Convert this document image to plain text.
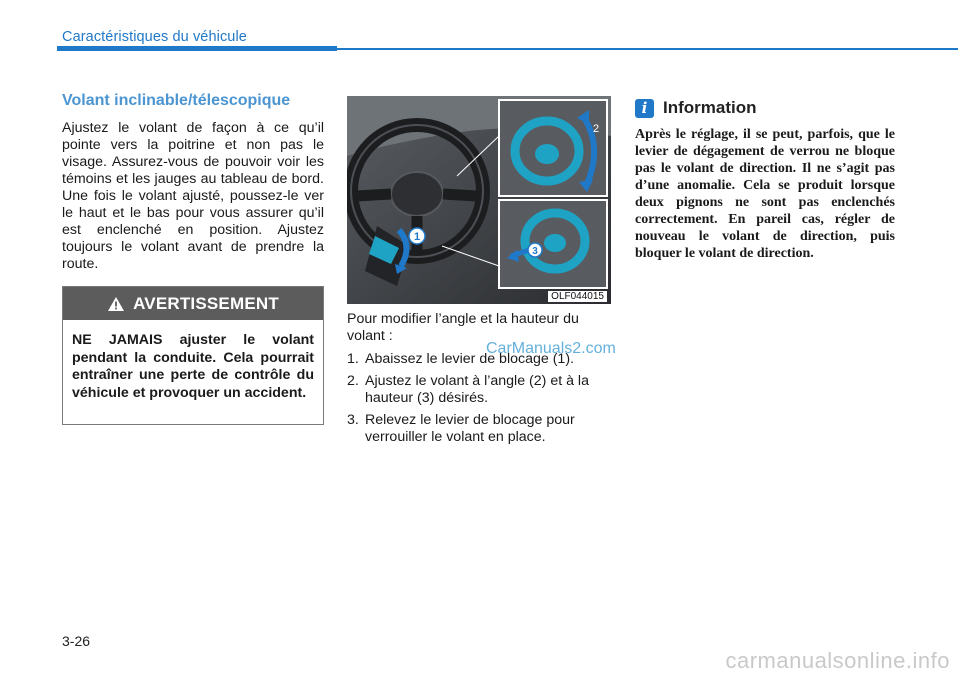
Caractéristiques du véhicule
Volant inclinable/télescopique
Ajustez le volant de façon à ce qu’il pointe vers la poitrine et non pas le visage. Assurez-vous de pouvoir voir les témoins et les jauges au tableau de bord. Une fois le volant ajusté, poussez-le ver le haut et le bas pour vous assurer qu’il est enclenché en position. Ajustez toujours le volant avant de prendre la route.
AVERTISSEMENT
NE JAMAIS ajuster le volant pendant la conduite. Cela pourrait entraîner une perte de contrôle du véhicule et provoquer un accident.
1
2
3
OLF044015

Pour modifier l’angle et la hauteur du volant :

1. Abaissez le levier de blocage (1).
2. Ajustez le volant à l’angle (2) et à la hauteur (3) désirés.
3. Relevez le levier de blocage pour verrouiller le volant en place.
CarManuals2.com
i Information
Après le réglage, il se peut, parfois, que le levier de dégagement de verrou ne bloque pas le volant de direction. Il ne s’agit pas d’une anomalie. Cela se produit lorsque deux pignons ne sont pas enclenchés correctement. En pareil cas, régler de nouveau le volant de direction, puis bloquer le volant de direction.
3-26
carmanualsonline.info
